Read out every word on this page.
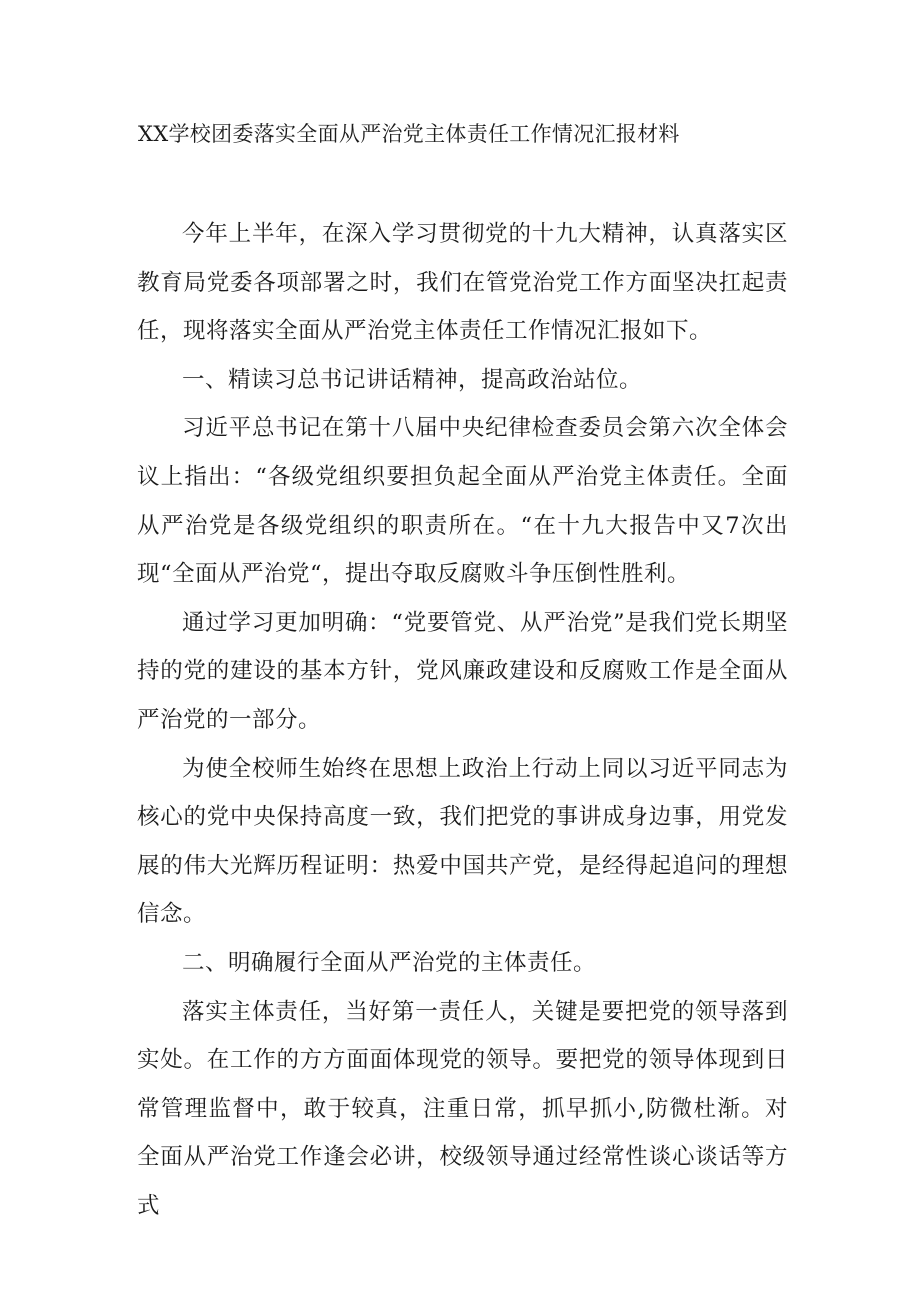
XX学校团委落实全面从严治党主体责任工作情况汇报材料

今年上半年，在深入学习贯彻党的十九大精神，认真落实区教育局党委各项部署之时，我们在管党治党工作方面坚决扛起责任，现将落实全面从严治党主体责任工作情况汇报如下。

一、精读习总书记讲话精神，提高政治站位。

习近平总书记在第十八届中央纪律检查委员会第六次全体会议上指出：“各级党组织要担负起全面从严治党主体责任。全面从严治党是各级党组织的职责所在。“在十九大报告中又7次出现“全面从严治党“，提出夺取反腐败斗争压倒性胜利。

通过学习更加明确：“党要管党、从严治党”是我们党长期坚持的党的建设的基本方针，党风廉政建设和反腐败工作是全面从严治党的一部分。

为使全校师生始终在思想上政治上行动上同以习近平同志为核心的党中央保持高度一致，我们把党的事讲成身边事，用党发展的伟大光辉历程证明：热爱中国共产党，是经得起追问的理想信念。

二、明确履行全面从严治党的主体责任。

落实主体责任，当好第一责任人，关键是要把党的领导落到实处。在工作的方方面面体现党的领导。要把党的领导体现到日常管理监督中，敢于较真，注重日常，抓早抓小,防微杜渐。对全面从严治党工作逢会必讲，校级领导通过经常性谈心谈话等方式
